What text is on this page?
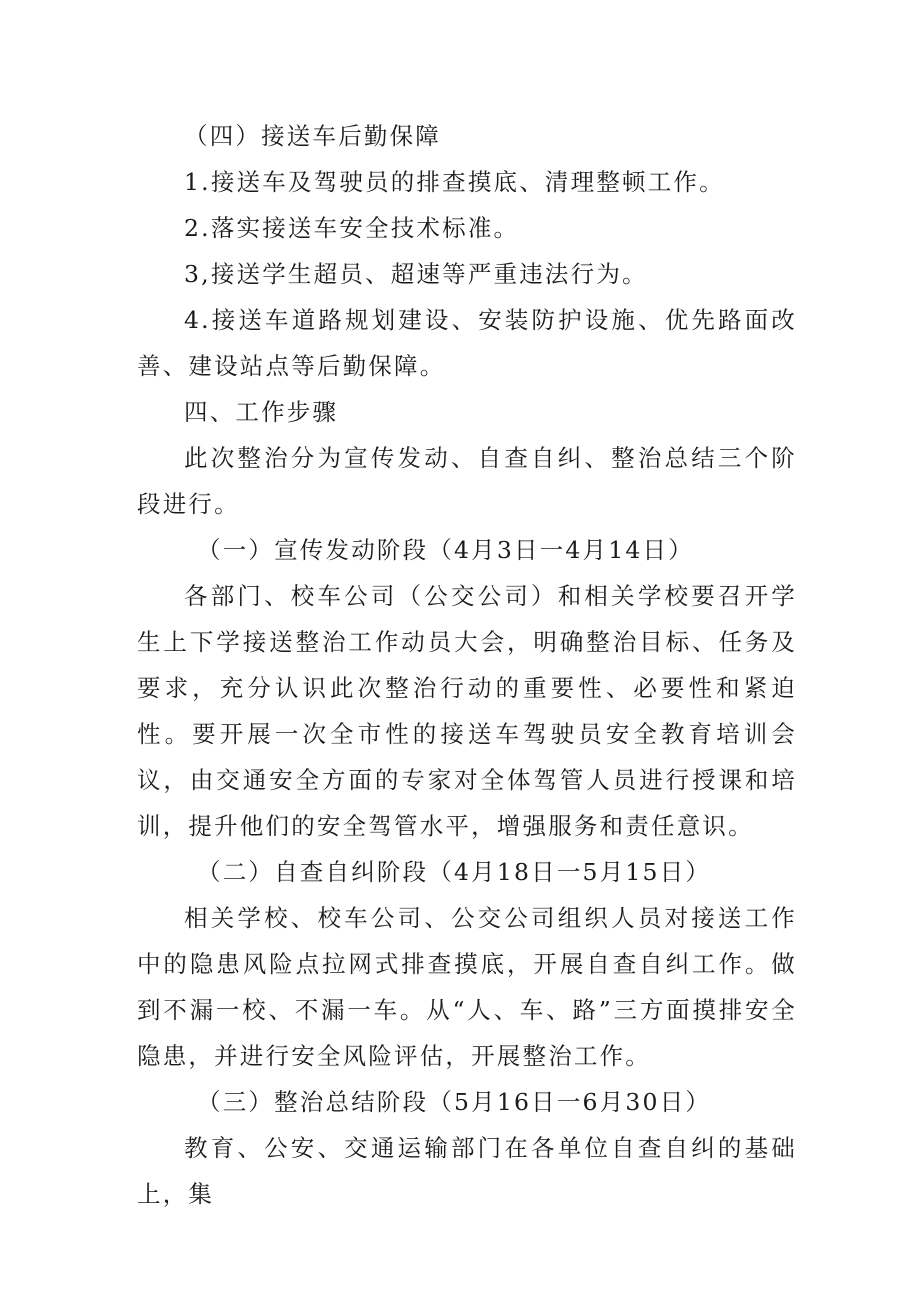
（四）接送车后勤保障

1.接送车及驾驶员的排查摸底、清理整顿工作。

2.落实接送车安全技术标准。

3,接送学生超员、超速等严重违法行为。

4.接送车道路规划建设、安装防护设施、优先路面改善、建设站点等后勤保障。

四、工作步骤

此次整治分为宣传发动、自查自纠、整治总结三个阶段进行。

（一）宣传发动阶段（4月3日一4月14日）

各部门、校车公司（公交公司）和相关学校要召开学生上下学接送整治工作动员大会，明确整治目标、任务及要求，充分认识此次整治行动的重要性、必要性和紧迫性。要开展一次全市性的接送车驾驶员安全教育培训会议，由交通安全方面的专家对全体驾管人员进行授课和培训，提升他们的安全驾管水平，增强服务和责任意识。

（二）自查自纠阶段（4月18日一5月15日）

相关学校、校车公司、公交公司组织人员对接送工作中的隐患风险点拉网式排查摸底，开展自查自纠工作。做到不漏一校、不漏一车。从“人、车、路”三方面摸排安全隐患，并进行安全风险评估，开展整治工作。

（三）整治总结阶段（5月16日一6月30日）

教育、公安、交通运输部门在各单位自查自纠的基础上，集
